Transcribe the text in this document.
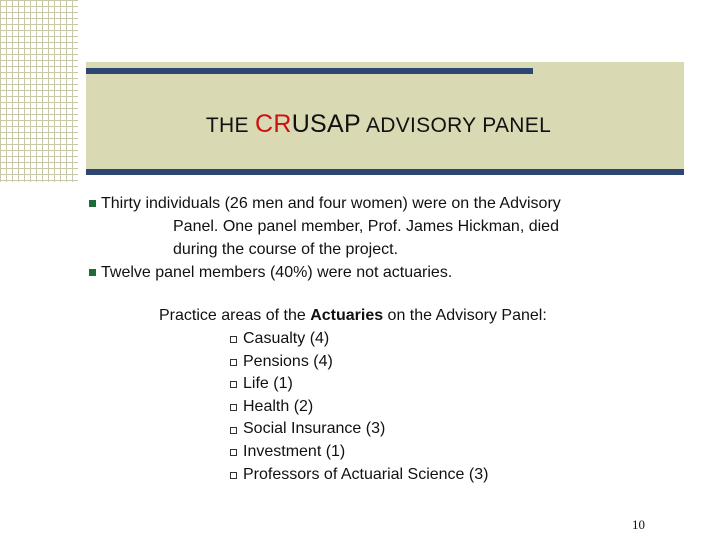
THE CRUSAP ADVISORY PANEL
Thirty individuals (26 men and four women) were on the Advisory
Panel. One panel member, Prof. James Hickman, died
during the course of the project.
Twelve panel members (40%) were not actuaries.
Practice areas of the Actuaries on the Advisory Panel:
Casualty (4)
Pensions (4)
Life (1)
Health (2)
Social Insurance (3)
Investment (1)
Professors of Actuarial Science (3)
10
